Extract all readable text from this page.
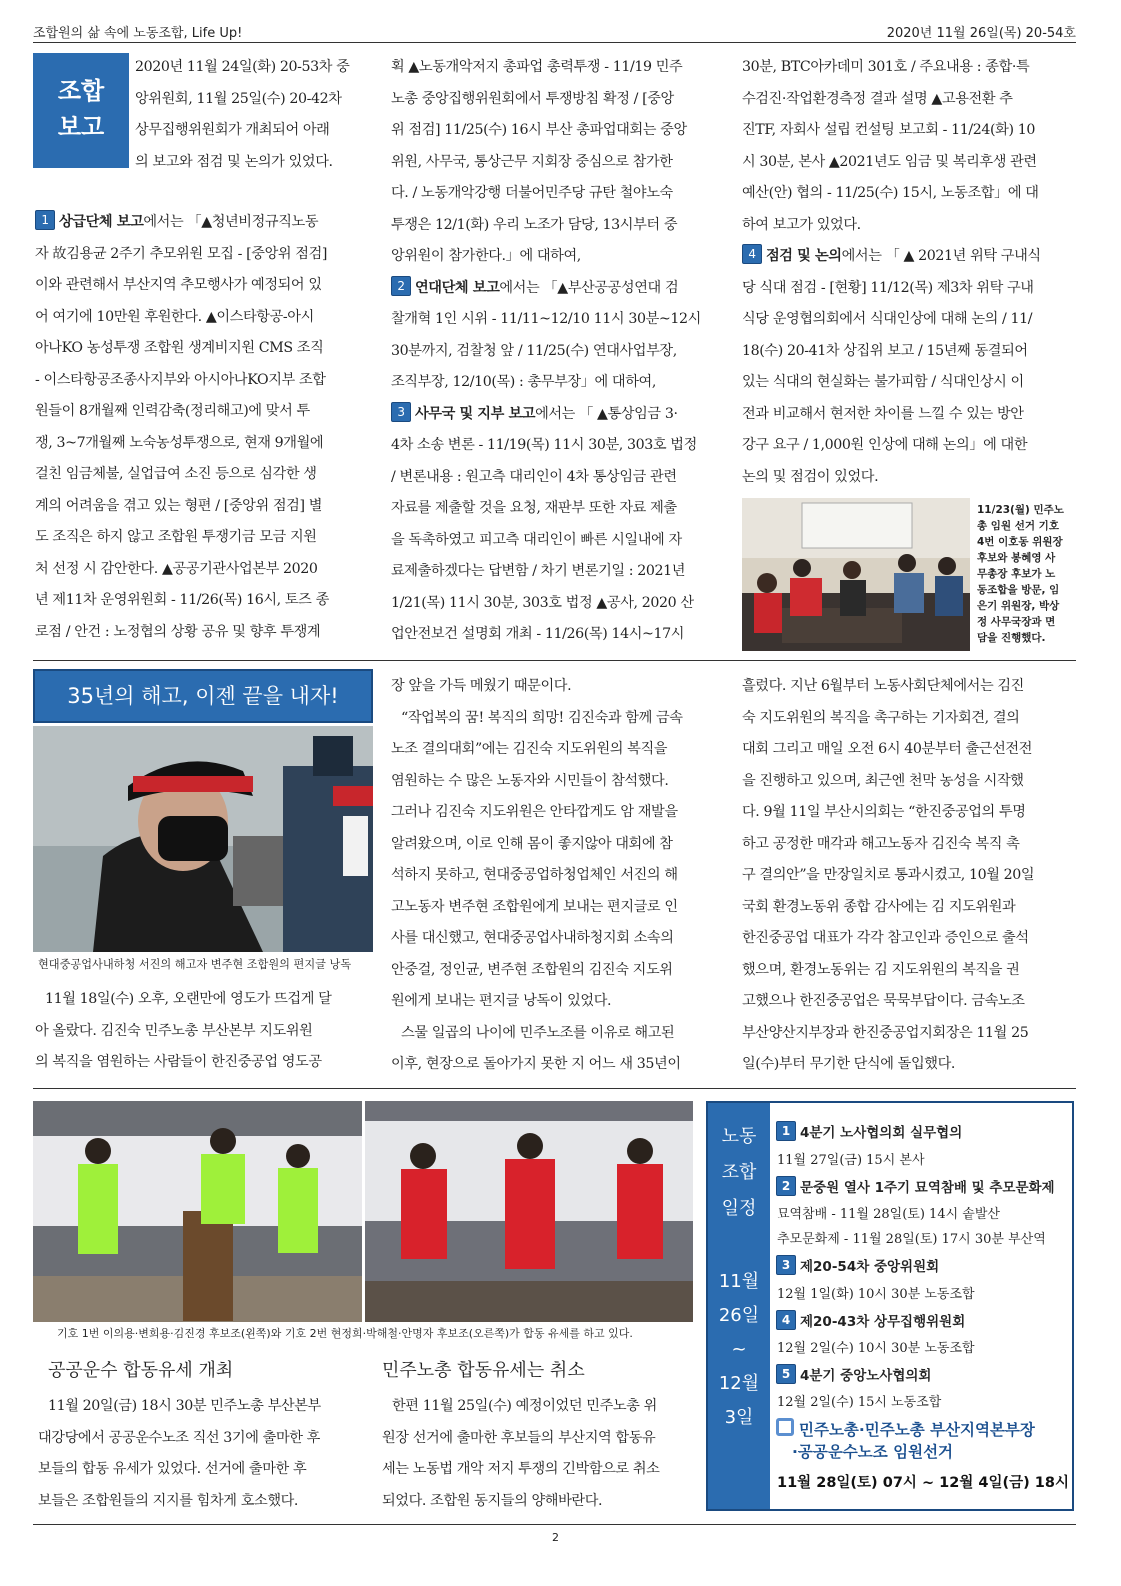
조합원의 삶 속에 노동조합, Life Up!	2020년 11월 26일(목) 20-54호
조합
보고

2020년 11월 24일(화) 20-53차 중

앙위원회, 11월 25일(수) 20-42차

상무집행위원회가 개최되어 아래

의 보고와 점검 및 논의가 있었다.

1 상급단체 보고에서는 「▲청년비정규직노동

자 故김용균 2주기 추모위원 모집 - [중앙위 점검]

이와 관련해서 부산지역 추모행사가 예정되어 있

어 여기에 10만원 후원한다. ▲이스타항공-아시

아나KO 농성투쟁 조합원 생계비지원 CMS 조직

- 이스타항공조종사지부와 아시아나KO지부 조합

원들이 8개월째 인력감축(정리해고)에 맞서 투

쟁, 3~7개월째 노숙농성투쟁으로, 현재 9개월에

걸친 임금체불, 실업급여 소진 등으로 심각한 생

계의 어려움을 겪고 있는 형편 / [중앙위 점검] 별

도 조직은 하지 않고 조합원 투쟁기금 모금 지원

처 선정 시 감안한다. ▲공공기관사업본부 2020

년 제11차 운영위원회 - 11/26(목) 16시, 토즈 종

로점 / 안건 : 노정협의 상황 공유 및 향후 투쟁계

획 ▲노동개악저지 총파업 총력투쟁 - 11/19 민주

노총 중앙집행위원회에서 투쟁방침 확정 / [중앙

위 점검] 11/25(수) 16시 부산 총파업대회는 중앙

위원, 사무국, 통상근무 지회장 중심으로 참가한

다. / 노동개악강행 더불어민주당 규탄 철야노숙

투쟁은 12/1(화) 우리 노조가 담당, 13시부터 중

앙위원이 참가한다.」에 대하여,

2 연대단체 보고에서는 「▲부산공공성연대 검

찰개혁 1인 시위 - 11/11~12/10 11시 30분~12시

30분까지, 검찰청 앞 / 11/25(수) 연대사업부장,

조직부장, 12/10(목) : 총무부장」에 대하여,

3 사무국 및 지부 보고에서는 「 ▲통상임금 3·

4차 소송 변론 - 11/19(목) 11시 30분, 303호 법정

/ 변론내용 : 원고측 대리인이 4차 통상임금 관련

자료를 제출할 것을 요청, 재판부 또한 자료 제출

을 독촉하였고 피고측 대리인이 빠른 시일내에 자

료제출하겠다는 답변함 / 차기 변론기일 : 2021년

1/21(목) 11시 30분, 303호 법정 ▲공사, 2020 산

업안전보건 설명회 개최 - 11/26(목) 14시~17시

30분, BTC아카데미 301호 / 주요내용 : 종합·특

수검진·작업환경측정 결과 설명 ▲고용전환 추

진TF, 자회사 설립 컨설팅 보고회 - 11/24(화) 10

시 30분, 본사 ▲2021년도 임금 및 복리후생 관련

예산(안) 협의 - 11/25(수) 15시, 노동조합」에 대

하여 보고가 있었다.

4 점검 및 논의에서는 「 ▲ 2021년 위탁 구내식

당 식대 점검 - [현황] 11/12(목) 제3차 위탁 구내

식당 운영협의회에서 식대인상에 대해 논의 / 11/

18(수) 20-41차 상집위 보고 / 15년째 동결되어

있는 식대의 현실화는 불가피함 / 식대인상시 이

전과 비교해서 현저한 차이를 느낄 수 있는 방안

강구 요구 / 1,000원 인상에 대해 논의」에 대한

논의 및 점검이 있었다.

11/23(월) 민주노
총 임원 선거 기호
4번 이호동 위원장
후보와 봉혜영 사
무총장 후보가 노
동조합을 방문, 임
은기 위원장, 박상
정 사무국장과 면
담을 진행했다.
35년의 해고, 이젠 끝을 내자!
현대중공업사내하청 서진의 해고자 변주현 조합원의 편지글 낭독

11월 18일(수) 오후, 오랜만에 영도가 뜨겁게 달

아 올랐다. 김진숙 민주노총 부산본부 지도위원

의 복직을 염원하는 사람들이 한진중공업 영도공

장 앞을 가득 메웠기 때문이다.

“작업복의 꿈! 복직의 희망! 김진숙과 함께 금속

노조 결의대회”에는 김진숙 지도위원의 복직을

염원하는 수 많은 노동자와 시민들이 참석했다.

그러나 김진숙 지도위원은 안타깝게도 암 재발을

알려왔으며, 이로 인해 몸이 좋지않아 대회에 참

석하지 못하고, 현대중공업하청업체인 서진의 해

고노동자 변주현 조합원에게 보내는 편지글로 인

사를 대신했고, 현대중공업사내하청지회 소속의

안중걸, 정인균, 변주현 조합원의 김진숙 지도위

원에게 보내는 편지글 낭독이 있었다.

스물 일곱의 나이에 민주노조를 이유로 해고된

이후, 현장으로 돌아가지 못한 지 어느 새 35년이

흘렀다. 지난 6월부터 노동사회단체에서는 김진

숙 지도위원의 복직을 촉구하는 기자회견, 결의

대회 그리고 매일 오전 6시 40분부터 출근선전전

을 진행하고 있으며, 최근엔 천막 농성을 시작했

다. 9월 11일 부산시의회는 “한진중공업의 투명

하고 공정한 매각과 해고노동자 김진숙 복직 촉

구 결의안”을 만장일치로 통과시켰고, 10월 20일

국회 환경노동위 종합 감사에는 김 지도위원과

한진중공업 대표가 각각 참고인과 증인으로 출석

했으며, 환경노동위는 김 지도위원의 복직을 권

고했으나 한진중공업은 묵묵부답이다. 금속노조

부산양산지부장과 한진중공업지회장은 11월 25

일(수)부터 무기한 단식에 돌입했다.

기호 1번 이의용·변희용·김진경 후보조(왼쪽)와 기호 2번 현정희·박해철·안명자 후보조(오른쪽)가 합동 유세를 하고 있다.
공공운수 합동유세 개최

11월 20일(금) 18시 30분 민주노총 부산본부

대강당에서 공공운수노조 직선 3기에 출마한 후

보들의 합동 유세가 있었다. 선거에 출마한 후

보들은 조합원들의 지지를 힘차게 호소했다.

민주노총 합동유세는 취소

한편 11월 25일(수) 예정이었던 민주노총 위

원장 선거에 출마한 후보들의 부산지역 합동유

세는 노동법 개악 저지 투쟁의 긴박함으로 취소

되었다. 조합원 동지들의 양해바란다.

노동
조합
일정
11월
26일
~
12월
3일
1 4분기 노사협의회 실무협의
11월 27일(금) 15시 본사
2 문중원 열사 1주기 묘역참배 및 추모문화제
묘역참배 - 11월 28일(토) 14시 솥발산
추모문화제 - 11월 28일(토) 17시 30분 부산역
3 제20-54차 중앙위원회
12월 1일(화) 10시 30분 노동조합
4 제20-43차 상무집행위원회
12월 2일(수) 10시 30분 노동조합
5 4분기 중앙노사협의회
12월 2일(수) 15시 노동조합
민주노총·민주노총 부산지역본부장
·공공운수노조 임원선거
11월 28일(토) 07시 ~ 12월 4일(금) 18시
2
